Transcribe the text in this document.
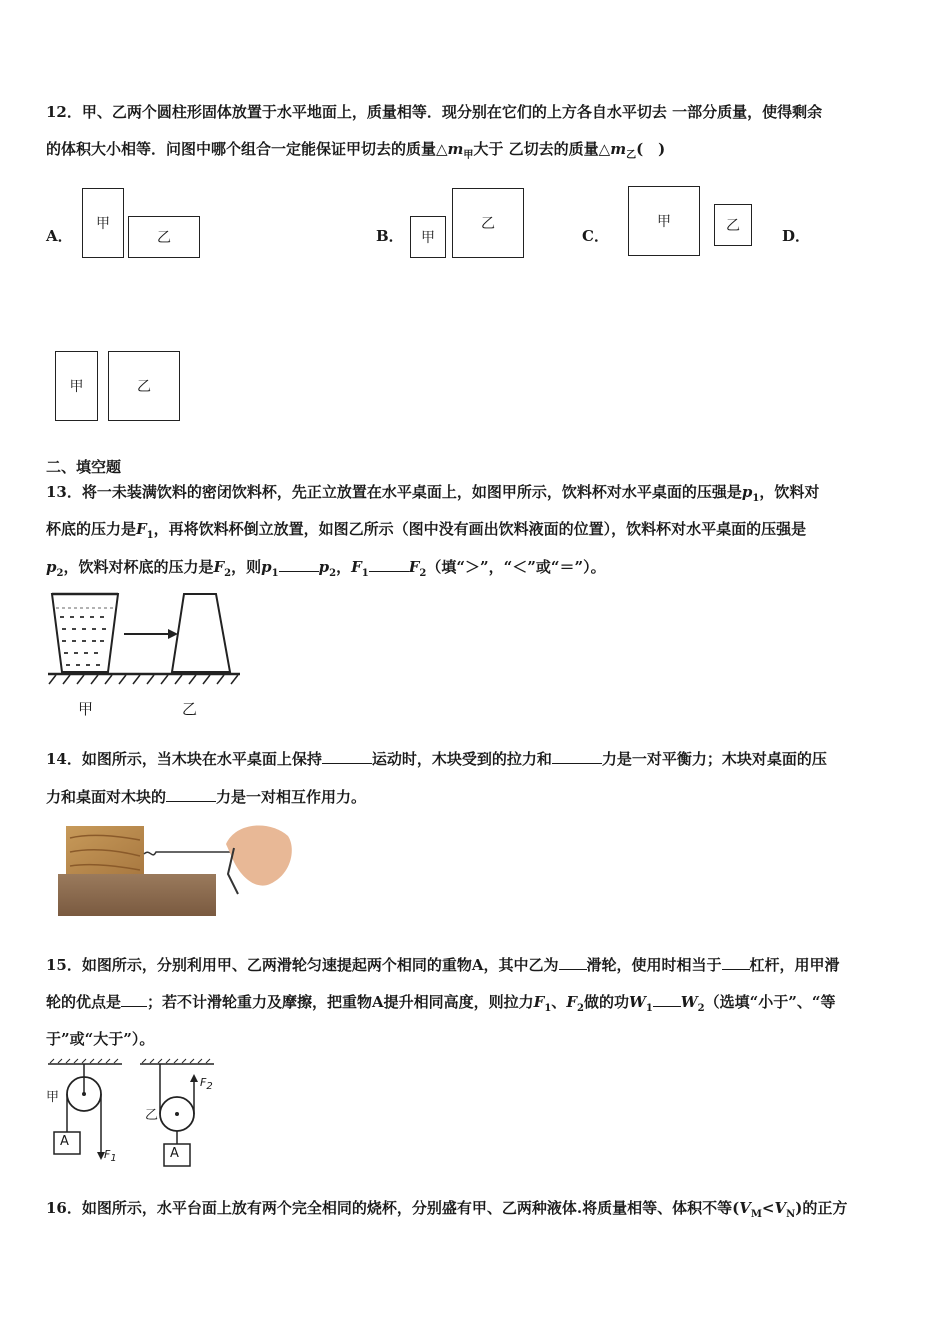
12．甲、乙两个圆柱形固体放置于水平地面上，质量相等．现分别在它们的上方各自水平切去 一部分质量，使得剩余
的体积大小相等．问图中哪个组合一定能保证甲切去的质量$\triangle m_甲$大于 乙切去的质量$\triangle m_乙$(　)
A．
甲
乙	B． 甲
乙
C．
甲	乙
D．
甲	乙
二、填空题
13．将一未装满饮料的密闭饮料杯，先正立放置在水平桌面上，如图甲所示，饮料杯对水平桌面的压强是$p_1$，饮料对
杯底的压力是$F_1$，再将饮料杯倒立放置，如图乙所示（图中没有画出饮料液面的位置），饮料杯对水平桌面的压强是
$p_2$，饮料对杯底的压力是$F_2$，则$p_1$	$p_2$，$F_1$	$F_2$（填“＞”，“＜”或“＝”）。
甲	乙
14．如图所示，当木块在水平桌面上保持	运动时，木块受到的拉力和	力是一对平衡力；木块对桌面的压
力和桌面对木块的	力是一对相互作用力。
15．如图所示，分别利用甲、乙两滑轮匀速提起两个相同的重物A，其中乙为 滑轮，使用时相当于 杠杆，用甲滑
轮的优点是 ；若不计滑轮重力及摩擦，把重物A提升相同高度，则拉力$F_1$、$F_2$做的功$W_1$ $W_2$（选填“小于”、“等
于”或“大于”）。
甲
乙
A
A
$F_1$
$F_2$
16．如图所示，水平台面上放有两个完全相同的烧杯，分别盛有甲、乙两种液体.将质量相等、体积不等$(V_M<V_N)$的正方
